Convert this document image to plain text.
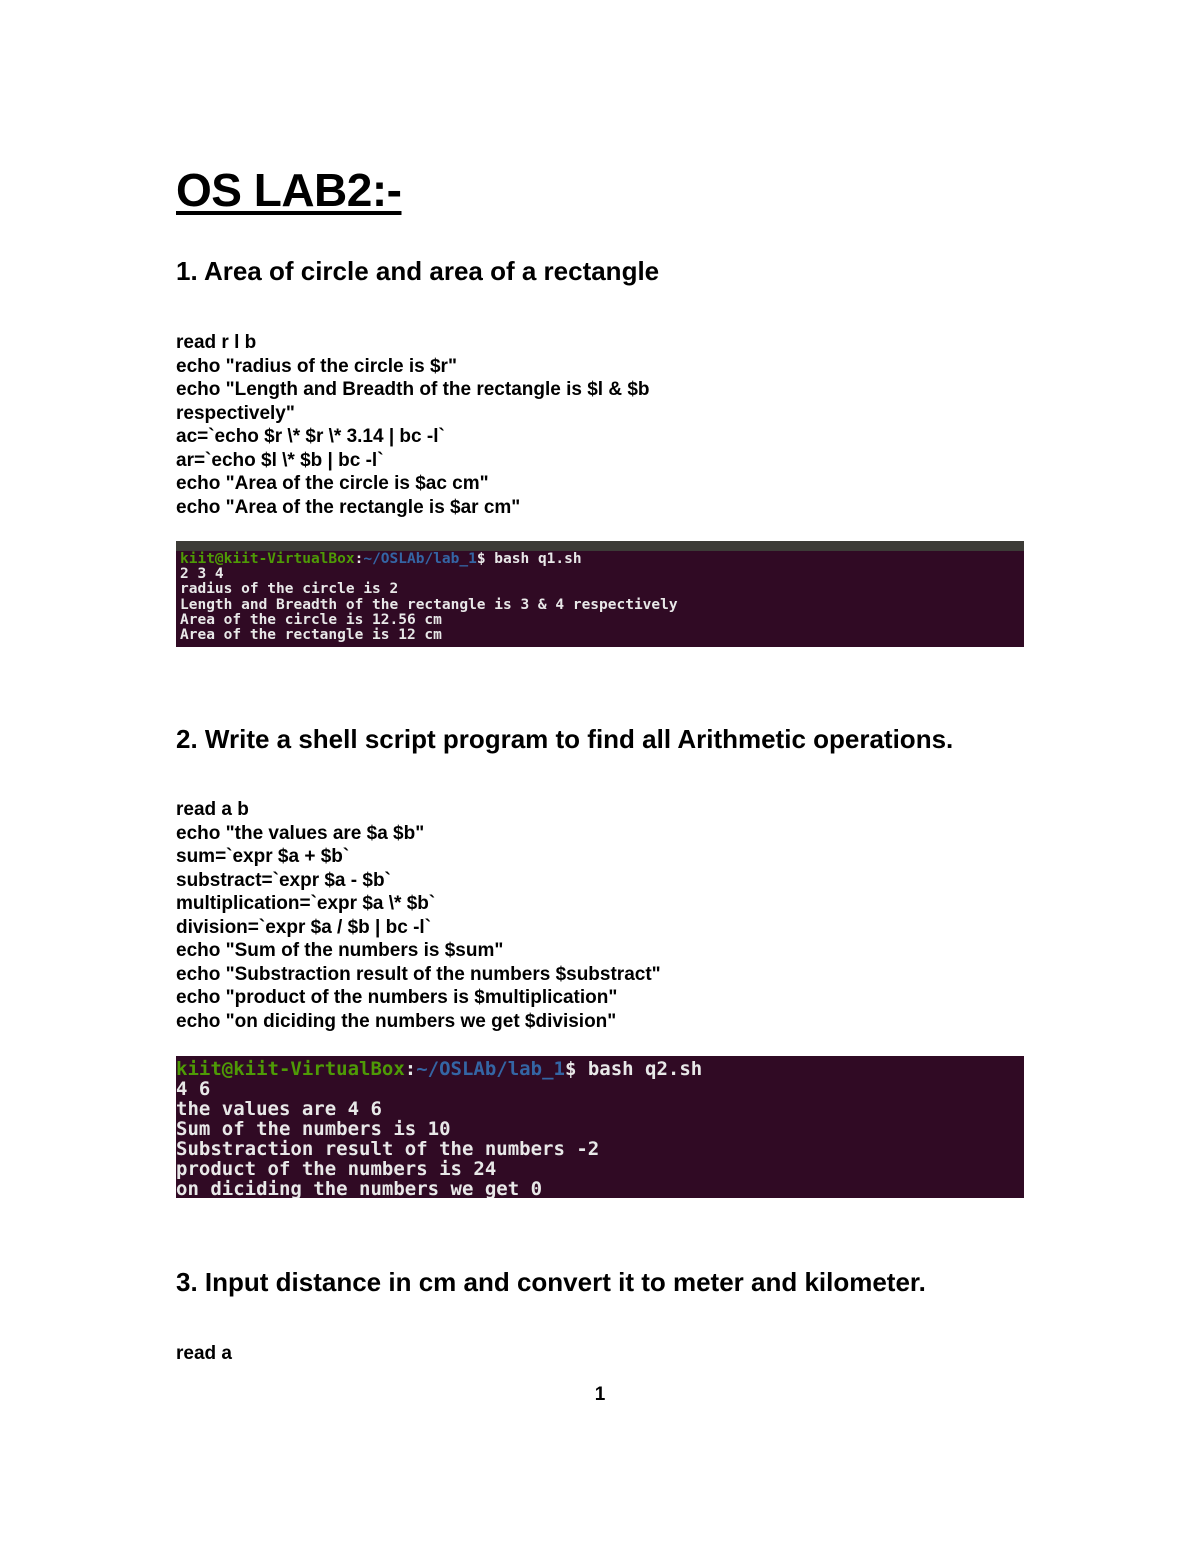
OS LAB2:-
1. Area of circle and area of a rectangle
read r l b
echo "radius of the circle is $r"
echo "Length and Breadth of the rectangle is $l & $b
respectively"
ac=`echo $r \* $r \* 3.14 | bc -l`
ar=`echo $l \* $b | bc -l`
echo "Area of the circle is $ac cm"
echo "Area of the rectangle is $ar cm"
kiit@kiit-VirtualBox:~/OSLAb/lab_1$ bash q1.sh
2 3 4
radius of the circle is 2
Length and Breadth of the rectangle is 3 & 4 respectively
Area of the circle is 12.56 cm
Area of the rectangle is 12 cm
2. Write a shell script program to find all Arithmetic operations.
read a b
echo "the values are $a $b"
sum=`expr $a + $b`
substract=`expr $a - $b`
multiplication=`expr $a \* $b`
division=`expr $a / $b | bc -l`
echo "Sum of the numbers is $sum"
echo "Substraction result of the numbers $substract"
echo "product of the numbers is $multiplication"
echo "on diciding the numbers we get $division"
kiit@kiit-VirtualBox:~/OSLAb/lab_1$ bash q2.sh
4 6
the values are 4 6
Sum of the numbers is 10
Substraction result of the numbers -2
product of the numbers is 24
on diciding the numbers we get 0
3. Input distance in cm and convert it to meter and kilometer.
read a
1
